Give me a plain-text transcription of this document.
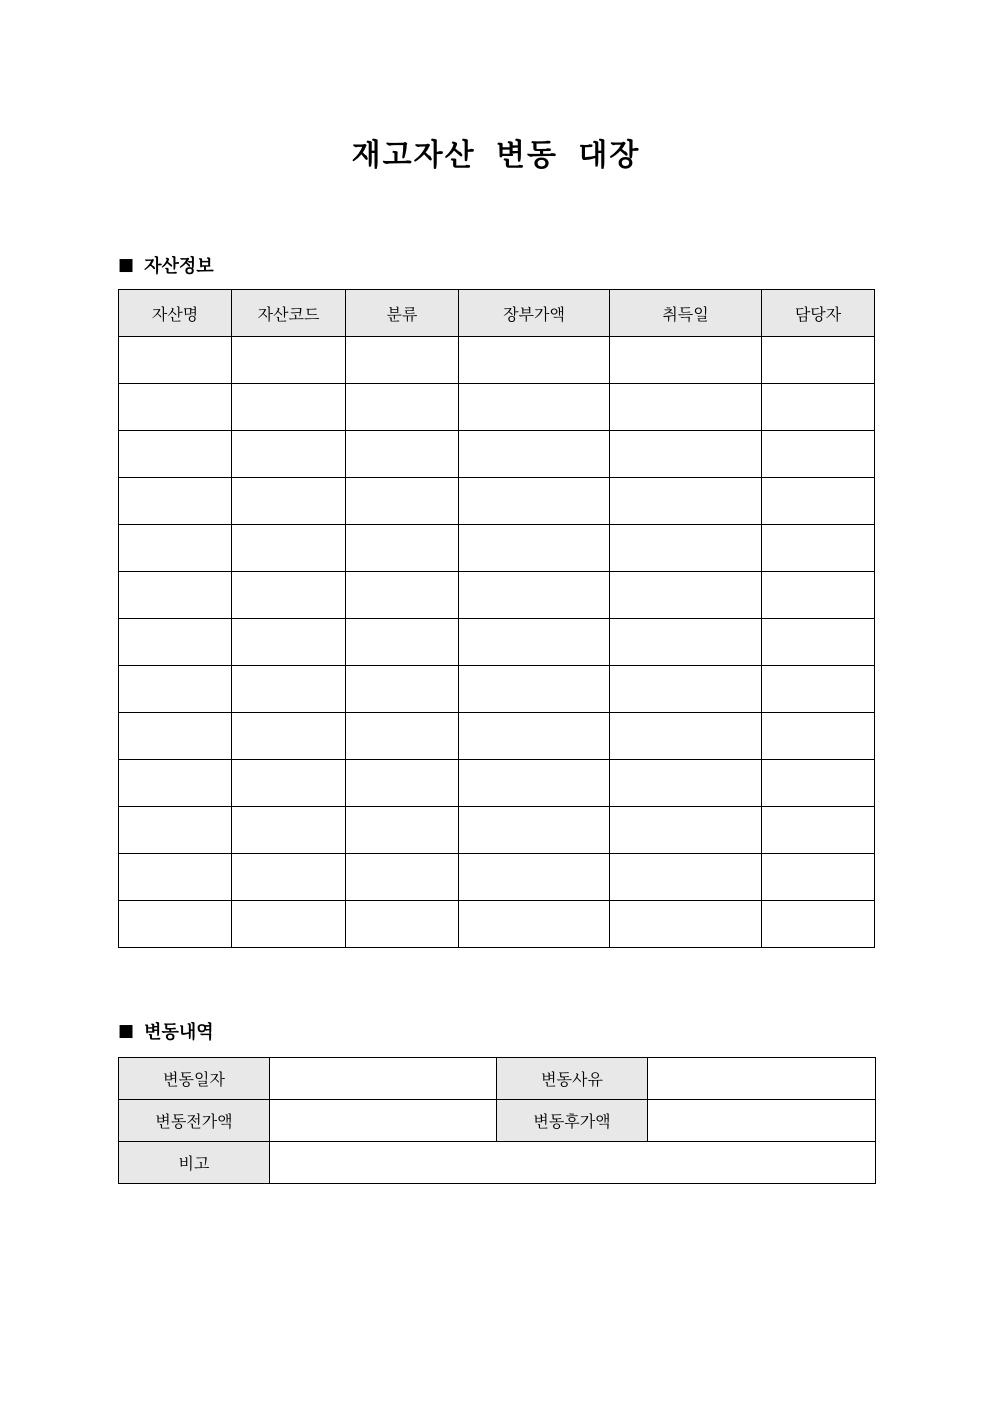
재고자산 변동 대장
■ 자산정보
자산명	자산코드	분류	장부가액	취득일	담당자

■ 변동내역
변동일자		변동사유	
변동전가액		변동후가액	
비고			
